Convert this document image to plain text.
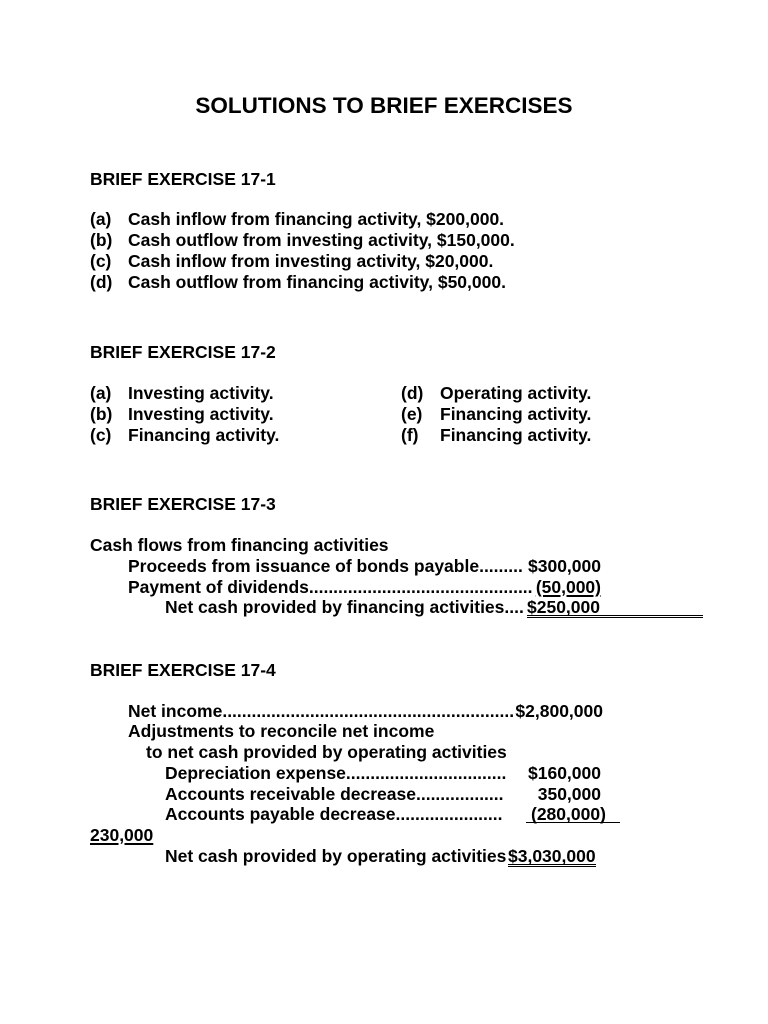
SOLUTIONS TO BRIEF EXERCISES
BRIEF EXERCISE 17-1
(a) Cash inflow from financing activity, $200,000.
(b) Cash outflow from investing activity, $150,000.
(c) Cash inflow from investing activity, $20,000.
(d) Cash outflow from financing activity, $50,000.
BRIEF EXERCISE 17-2
(a) Investing activity.	(d) Operating activity.
(b) Investing activity.	(e) Financing activity.
(c) Financing activity.	(f) Financing activity.
BRIEF EXERCISE 17-3
Cash flows from financing activities
Proceeds from issuance of bonds payable......... $300,000
Payment of dividends.............................................. (50,000)
Net cash provided by financing activities.... $250,000
BRIEF EXERCISE 17-4
Net income............................................................ $2,800,000
Adjustments to reconcile net income
to net cash provided by operating activities
Depreciation expense.................................	$160,000
Accounts receivable decrease..................	350,000
Accounts payable decrease......................	(280,000)
230,000
Net cash provided by operating activities $3,030,000
